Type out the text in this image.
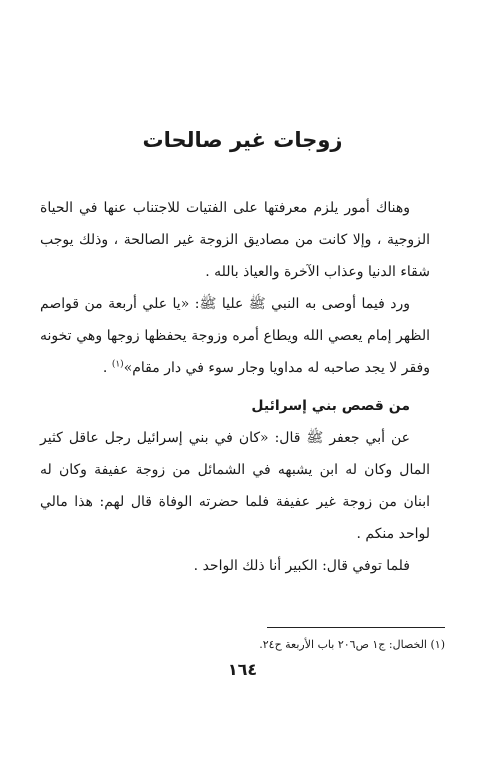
زوجات غير صالحات

وهناك أمور يلزم معرفتها على الفتيات للاجتناب عنها في الحياة الزوجية ، وإلا كانت من مصاديق الزوجة غير الصالحة ، وذلك يوجب شقاء الدنيا وعذاب الآخرة والعياذ بالله .

ورد فيما أوصى به النبي ﷺ عليا ﷺ: «يا علي أربعة من قواصم الظهر إمام يعصي الله ويطاع أمره وزوجة يحفظها زوجها وهي تخونه وفقر لا يجد صاحبه له مداويا وجار سوء في دار مقام»$^{(١)}$ .

من قصص بني إسرائيل

عن أبي جعفر ﷺ قال: «كان في بني إسرائيل رجل عاقل كثير المال وكان له ابن يشبهه في الشمائل من زوجة عفيفة وكان له ابنان من زوجة غير عفيفة فلما حضرته الوفاة قال لهم: هذا مالي لواحد منكم .

فلما توفي قال: الكبير أنا ذلك الواحد .

(١) الخصال: ج١ ص٢٠٦ باب الأربعة ح٢٤.

١٦٤
